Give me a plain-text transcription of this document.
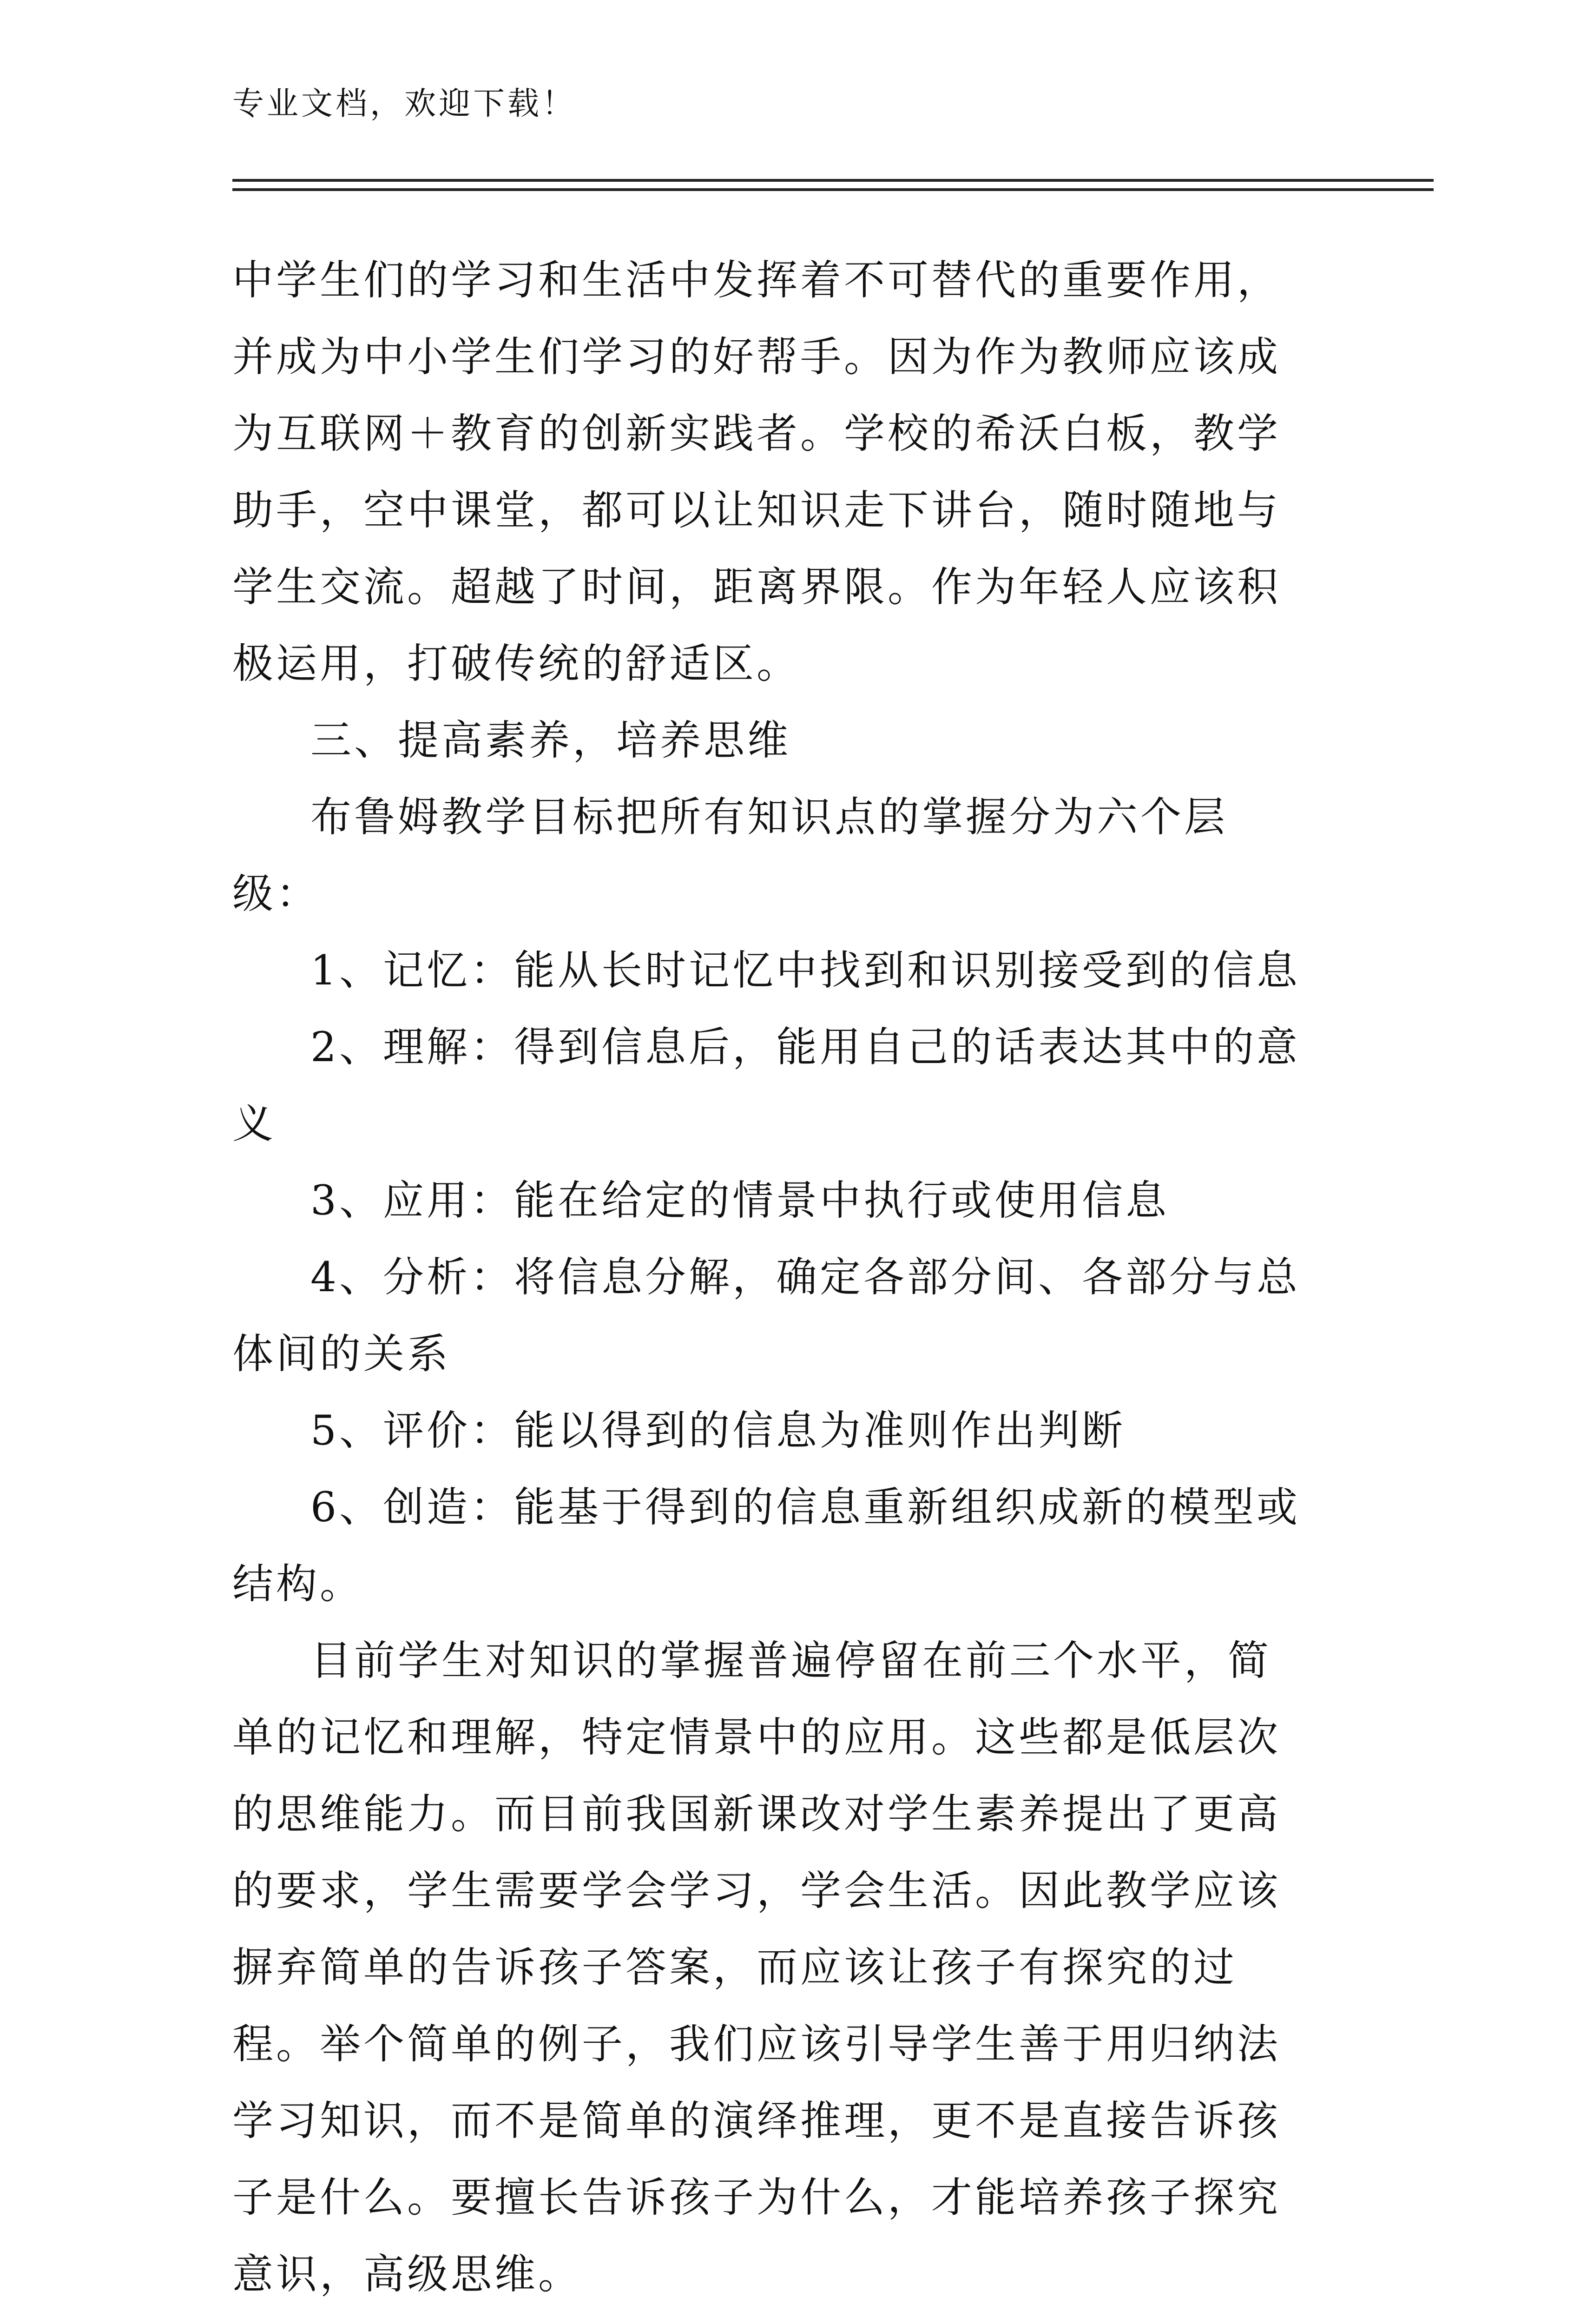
专业文档，欢迎下载！

中学生们的学习和生活中发挥着不可替代的重要作用，并成为中小学生们学习的好帮手。因为作为教师应该成为互联网＋教育的创新实践者。学校的希沃白板，教学助手，空中课堂，都可以让知识走下讲台，随时随地与学生交流。超越了时间，距离界限。作为年轻人应该积极运用，打破传统的舒适区。

三、提高素养，培养思维

布鲁姆教学目标把所有知识点的掌握分为六个层级：

1、记忆：能从长时记忆中找到和识别接受到的信息

2、理解：得到信息后，能用自己的话表达其中的意义

3、应用：能在给定的情景中执行或使用信息

4、分析：将信息分解，确定各部分间、各部分与总体间的关系

5、评价：能以得到的信息为准则作出判断

6、创造：能基于得到的信息重新组织成新的模型或结构。

目前学生对知识的掌握普遍停留在前三个水平，简单的记忆和理解，特定情景中的应用。这些都是低层次的思维能力。而目前我国新课改对学生素养提出了更高的要求，学生需要学会学习，学会生活。因此教学应该摒弃简单的告诉孩子答案，而应该让孩子有探究的过程。举个简单的例子，我们应该引导学生善于用归纳法学习知识，而不是简单的演绎推理，更不是直接告诉孩子是什么。要擅长告诉孩子为什么，才能培养孩子探究意识，高级思维。
